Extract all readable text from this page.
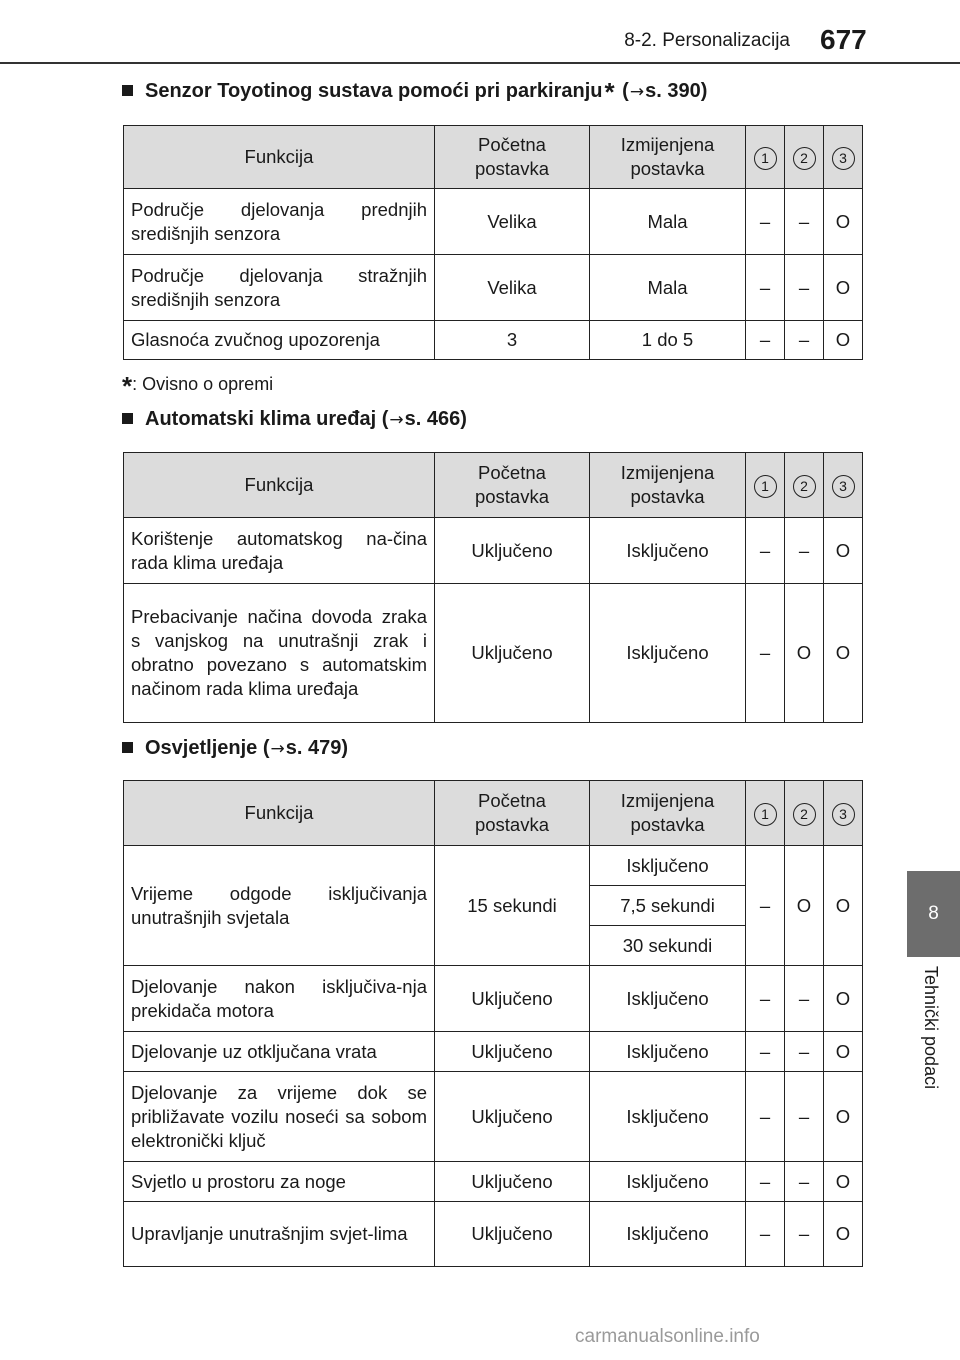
8-2. Personalizacija 677
8
Tehnički podaci
Senzor Toyotinog sustava pomoći pri parkiranju*
( → s. 390)
Funkcija	Početna postavka	Izmijenjena postavka	1	2	3
Područje djelovanja prednjih središnjih senzora	Velika	Mala	–	–	O
Područje djelovanja stražnjih središnjih senzora	Velika	Mala	–	–	O
Glasnoća zvučnog upozorenja	3	1 do 5	–	–	O
*: Ovisno o opremi
Automatski klima uređaj
( → s. 466)
Funkcija	Početna postavka	Izmijenjena postavka	1	2	3
Korištenje automatskog na-čina rada klima uređaja	Uključeno	Isključeno	–	–	O
Prebacivanje načina dovoda zraka s vanjskog na unutrašnji zrak i obratno povezano s automatskim načinom rada klima uređaja	Uključeno	Isključeno	–	O	O
Osvjetljenje
( → s. 479)
Funkcija	Početna postavka	Izmijenjena postavka	1	2	3
Vrijeme odgode isključivanja unutrašnjih svjetala	15 sekundi	Isključeno	–	O	O
		7,5 sekundi			
		30 sekundi			
Djelovanje nakon isključiva-nja prekidača motora	Uključeno	Isključeno	–	–	O
Djelovanje uz otključana vrata	Uključeno	Isključeno	–	–	O
Djelovanje za vrijeme dok se približavate vozilu noseći sa sobom elektronički ključ	Uključeno	Isključeno	–	–	O
Svjetlo u prostoru za noge	Uključeno	Isključeno	–	–	O
Upravljanje unutrašnjim svjet-lima	Uključeno	Isključeno	–	–	O
carmanualsonline.info
